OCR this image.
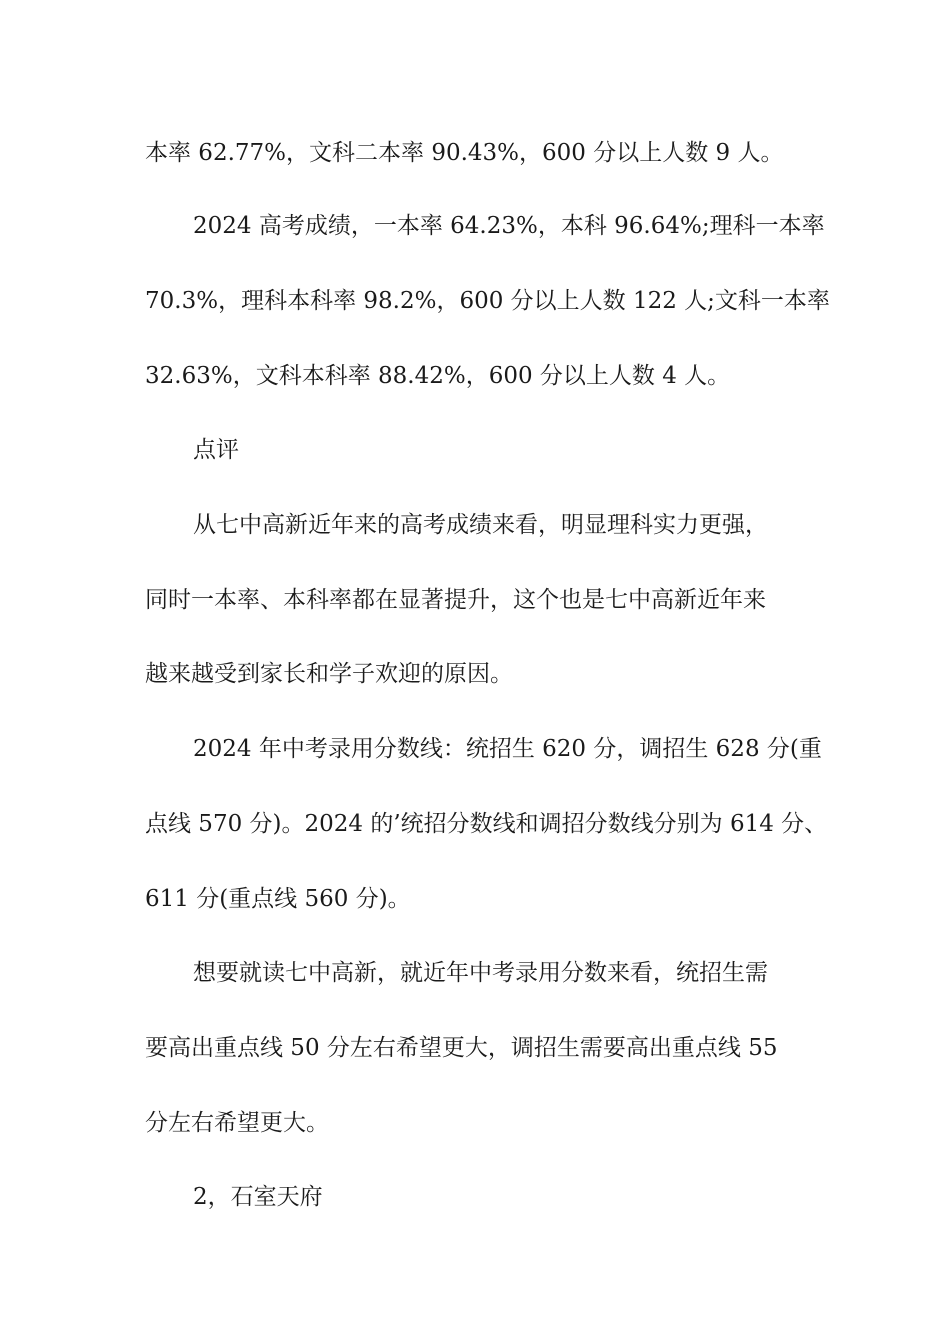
本率 62.77%，文科二本率 90.43%，600 分以上人数 9 人。
2024 高考成绩，一本率 64.23%，本科 96.64%;理科一本率
70.3%，理科本科率 98.2%，600 分以上人数 122 人;文科一本率
32.63%，文科本科率 88.42%，600 分以上人数 4 人。
点评
从七中高新近年来的高考成绩来看，明显理科实力更强，
同时一本率、本科率都在显著提升，这个也是七中高新近年来
越来越受到家长和学子欢迎的原因。
2024 年中考录用分数线：统招生 620 分，调招生 628 分(重
点线 570 分)。2024 的’统招分数线和调招分数线分别为 614 分、
611 分(重点线 560 分)。
想要就读七中高新，就近年中考录用分数来看，统招生需
要高出重点线 50 分左右希望更大，调招生需要高出重点线 55
分左右希望更大。
2，石室天府
